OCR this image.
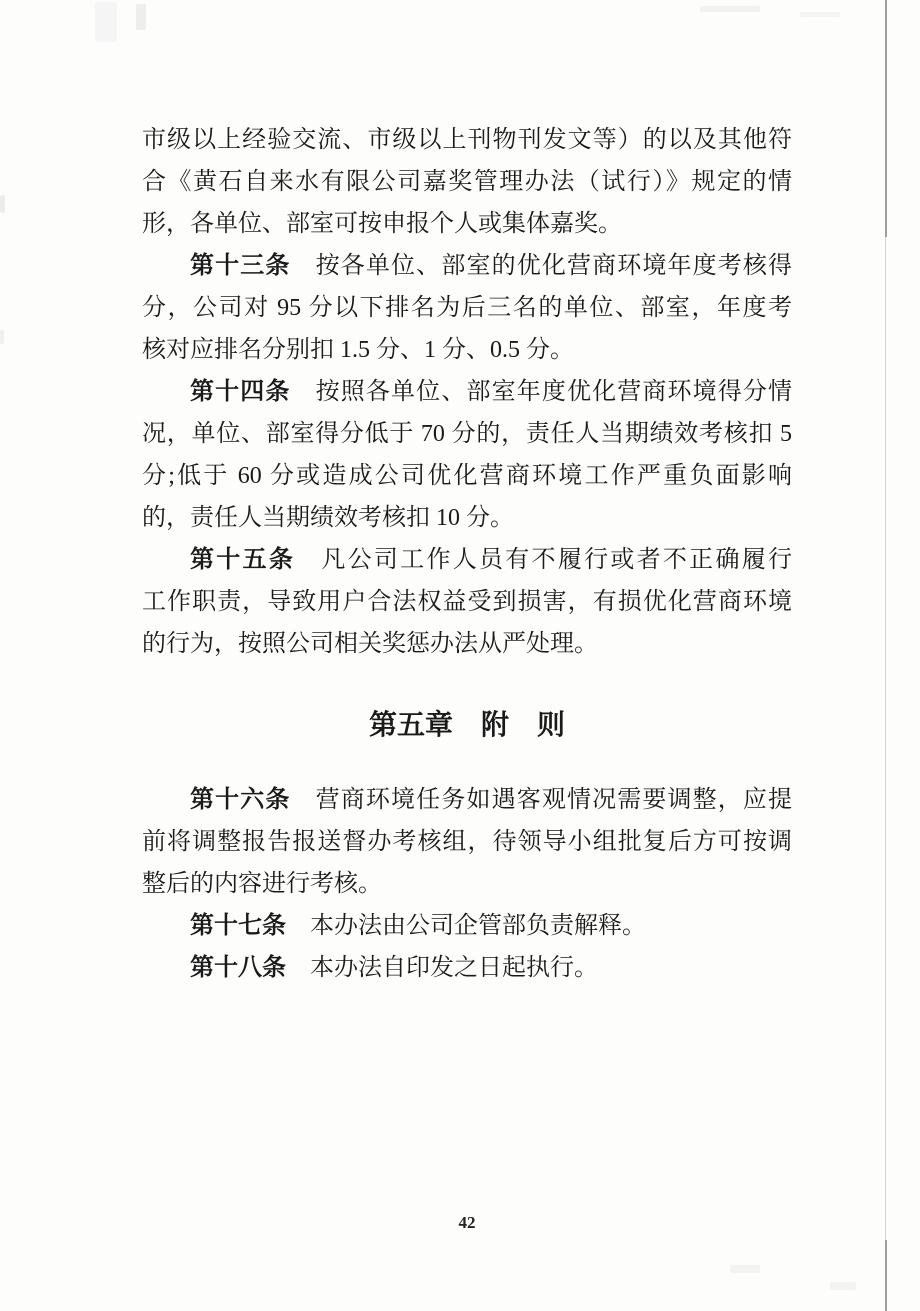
市级以上经验交流、市级以上刊物刊发文等）的以及其他符
合《黄石自来水有限公司嘉奖管理办法（试行）》规定的情
形，各单位、部室可按申报个人或集体嘉奖。
第十三条　按各单位、部室的优化营商环境年度考核得
分，公司对 95 分以下排名为后三名的单位、部室，年度考
核对应排名分别扣 1.5 分、1 分、0.5 分。
第十四条　按照各单位、部室年度优化营商环境得分情
况，单位、部室得分低于 70 分的，责任人当期绩效考核扣 5
分;低于 60 分或造成公司优化营商环境工作严重负面影响
的，责任人当期绩效考核扣 10 分。
第十五条　凡公司工作人员有不履行或者不正确履行
工作职责，导致用户合法权益受到损害，有损优化营商环境
的行为，按照公司相关奖惩办法从严处理。
第五章　附　则
第十六条　营商环境任务如遇客观情况需要调整，应提
前将调整报告报送督办考核组，待领导小组批复后方可按调
整后的内容进行考核。
第十七条　本办法由公司企管部负责解释。
第十八条　本办法自印发之日起执行。
42
